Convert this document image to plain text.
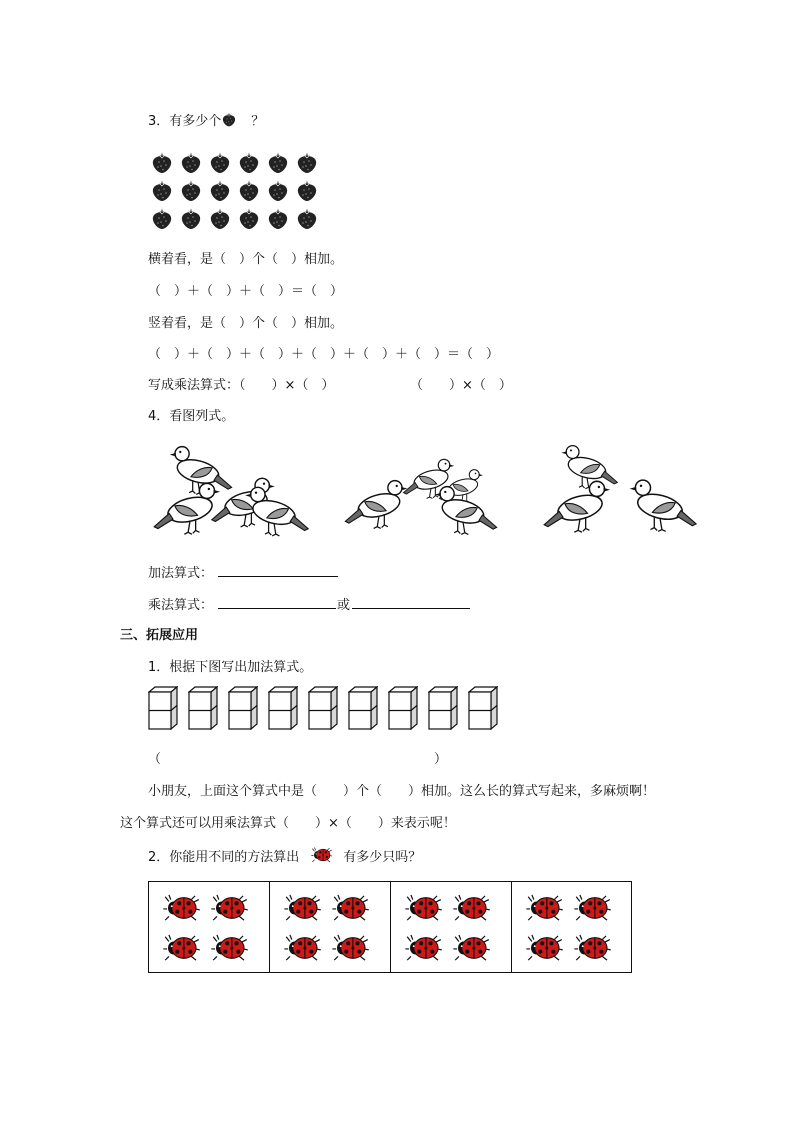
3．有多少个 ？
横着看，是（　）个（　）相加。
（　）＋（　）＋（　）＝（　）
竖着看，是（　）个（　）相加。
（　）＋（　）＋（　）＋（　）＋（　）＋（　）＝（　）
写成乘法算式：（　　）×（　）	（　　）×（　）
4．看图列式。
加法算式：
乘法算式：	或
三、拓展应用
1．根据下图写出加法算式。
（	）
小朋友，上面这个算式中是（　　）个（　　）相加。这么长的算式写起来，多麻烦啊！
这个算式还可以用乘法算式（　　）×（　　）来表示呢！
2．你能用不同的方法算出	有多少只吗？
